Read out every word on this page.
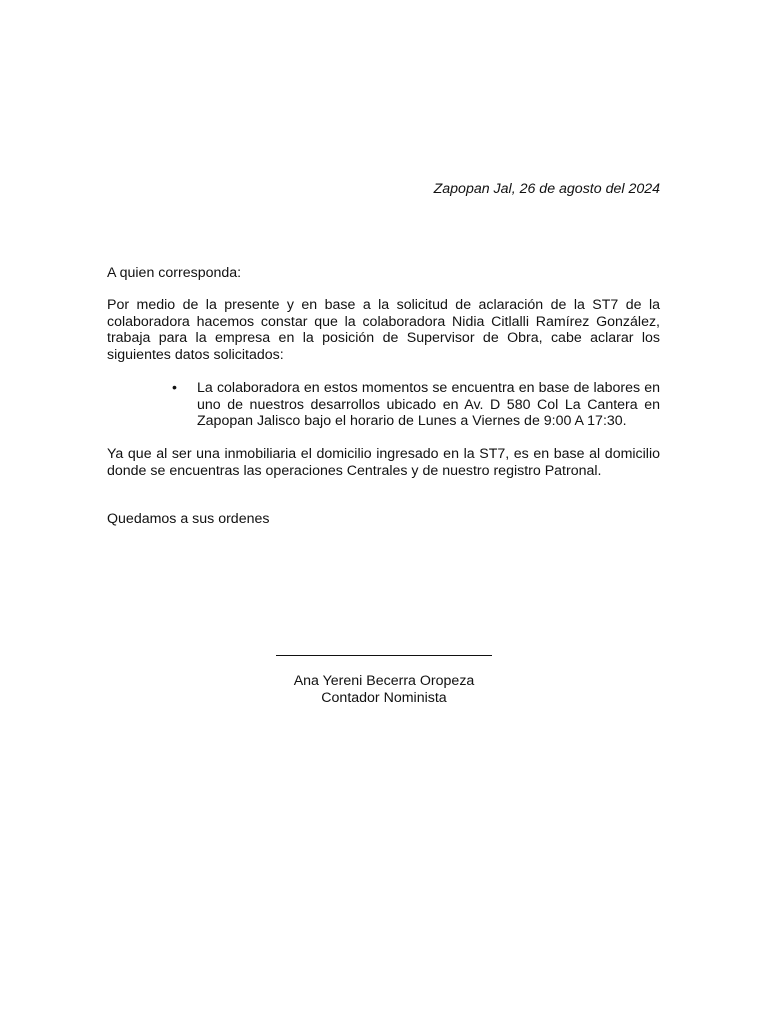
Zapopan Jal, 26 de agosto del 2024
A quien corresponda:
Por medio de la presente y en base a la solicitud de aclaración de la ST7 de la colaboradora hacemos constar que la colaboradora Nidia Citlalli Ramírez González, trabaja para la empresa en la posición de Supervisor de Obra, cabe aclarar los siguientes datos solicitados:
• La colaboradora en estos momentos se encuentra en base de labores en uno de nuestros desarrollos ubicado en Av. D 580 Col La Cantera en Zapopan Jalisco bajo el horario de Lunes a Viernes de 9:00 A 17:30.
Ya que al ser una inmobiliaria el domicilio ingresado en la ST7, es en base al domicilio donde se encuentras las operaciones Centrales y de nuestro registro Patronal.
Quedamos a sus ordenes
Ana Yereni Becerra Oropeza
Contador Nominista
